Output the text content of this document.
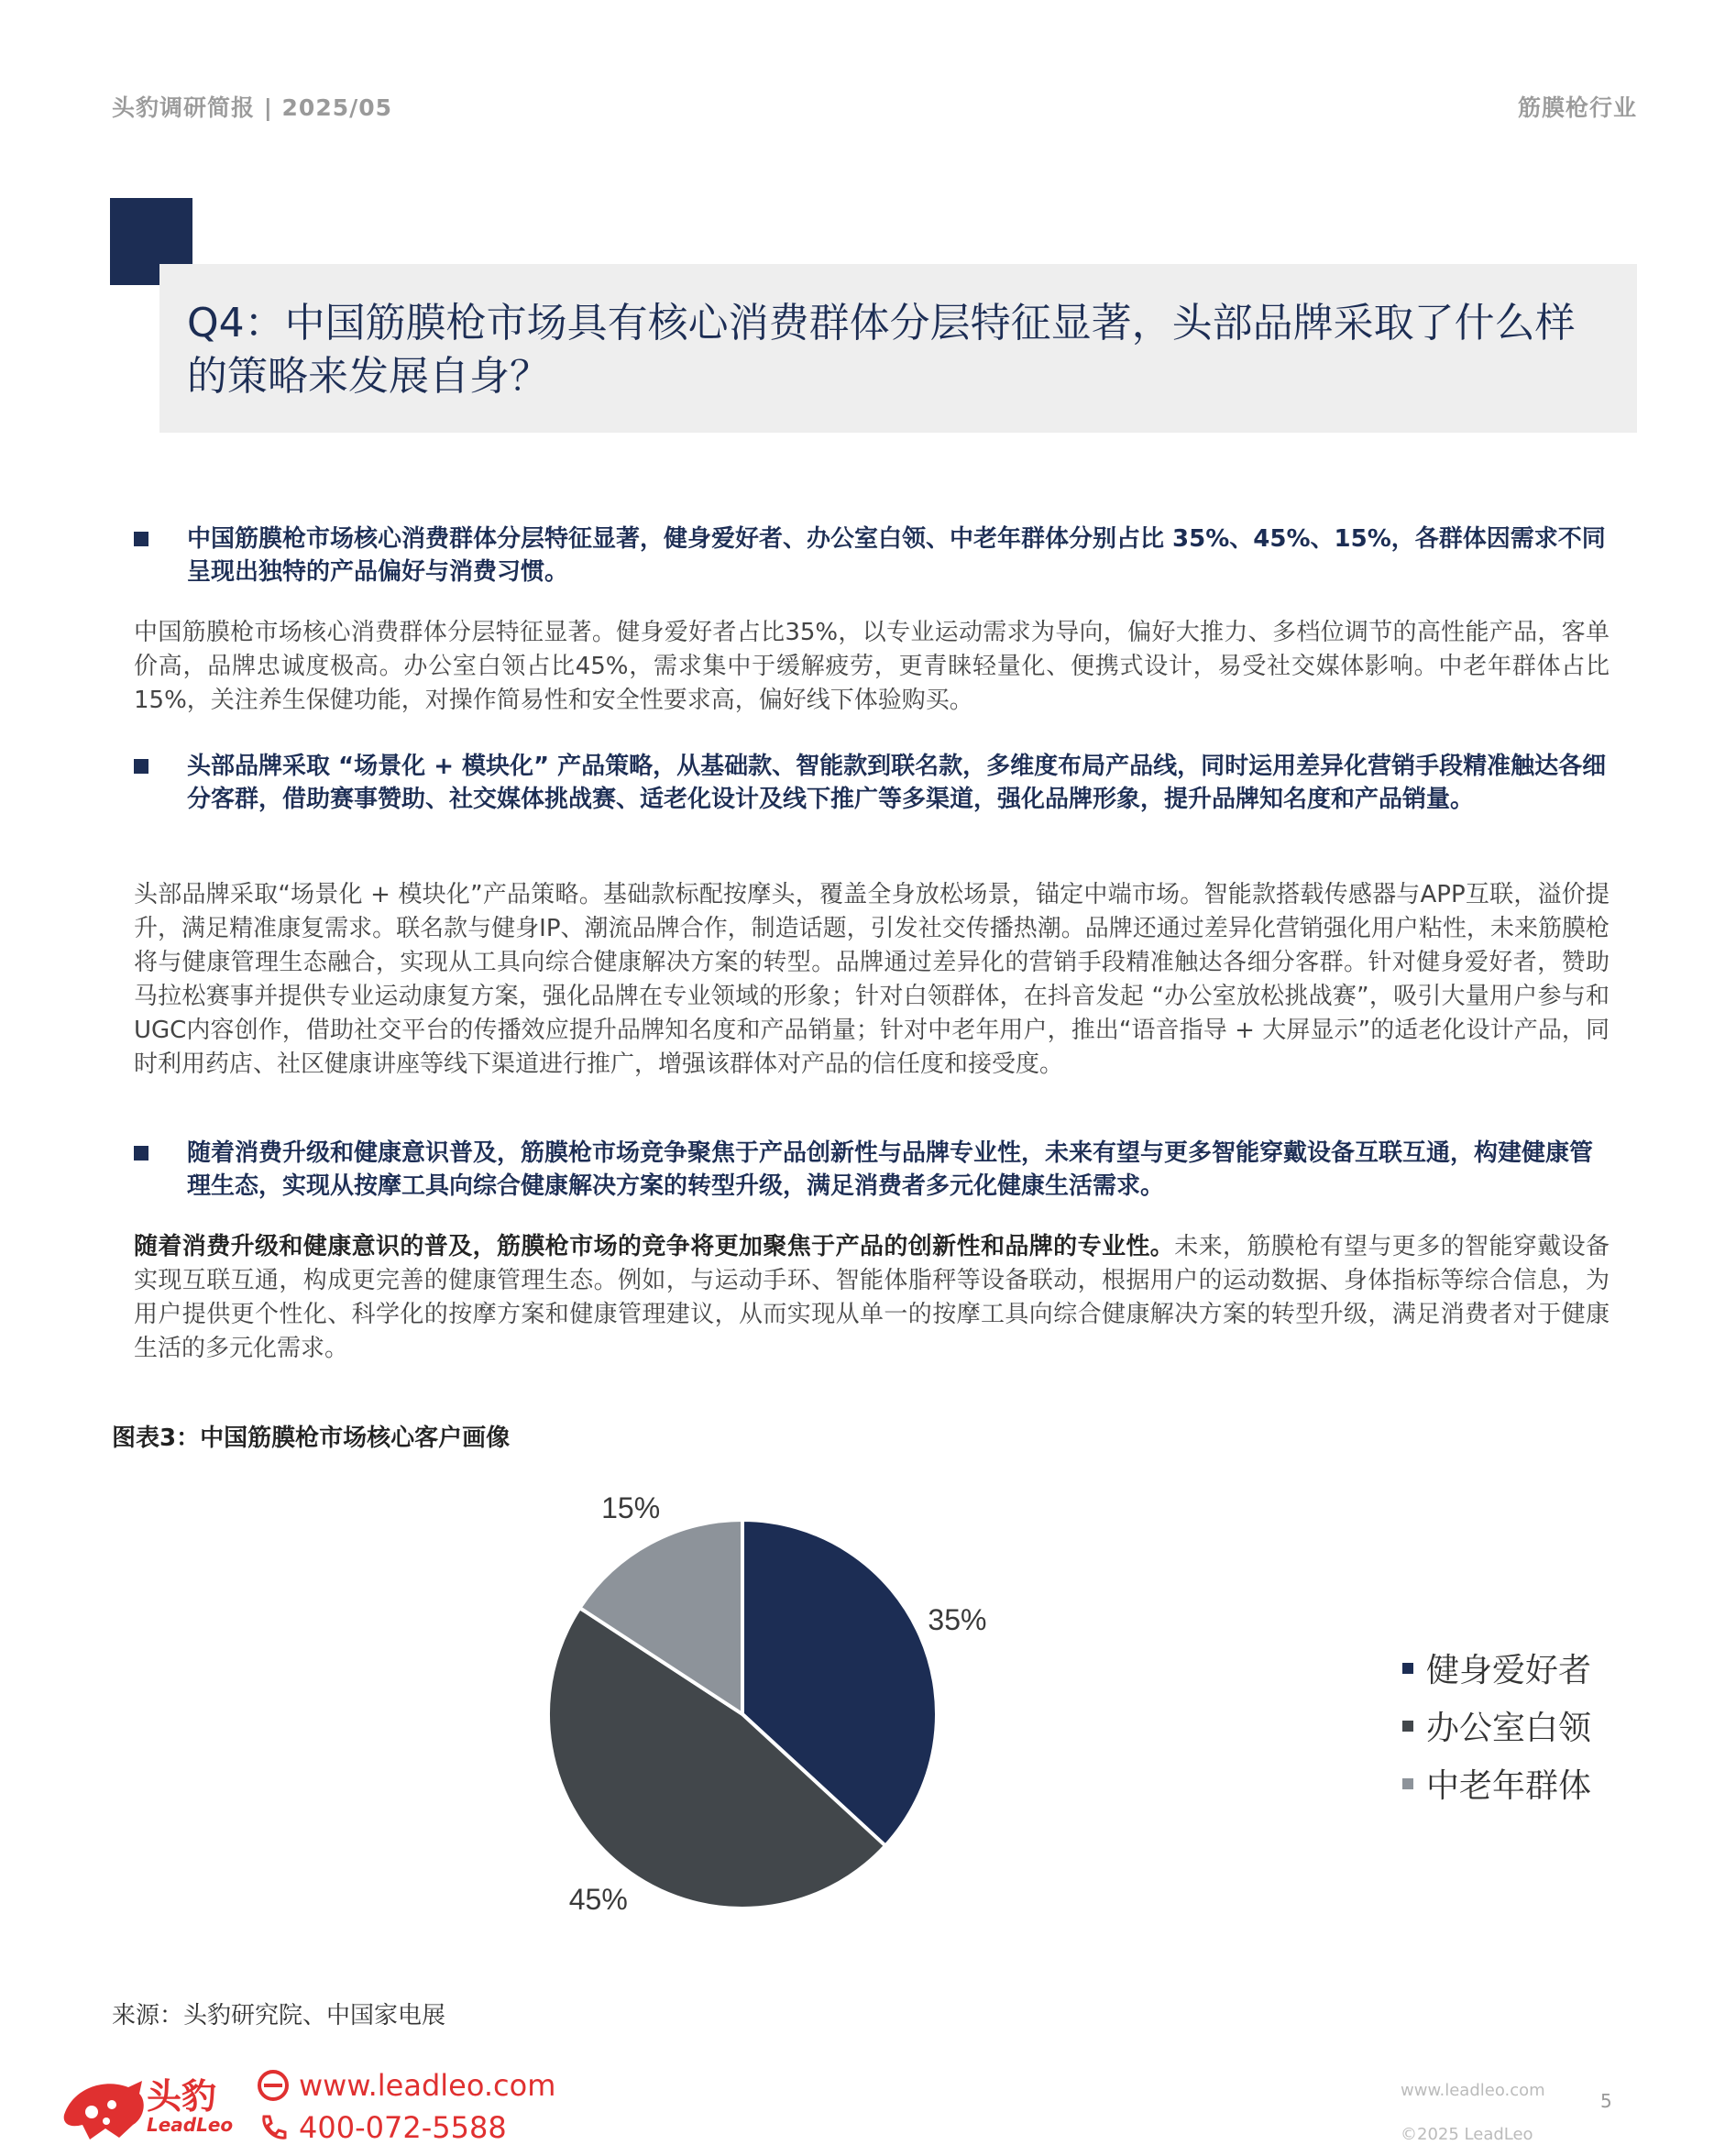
头豹调研简报 | 2025/05	筋膜枪行业
Q4：中国筋膜枪市场具有核心消费群体分层特征显著，头部品牌采取了什么样的策略来发展自身？
中国筋膜枪市场核心消费群体分层特征显著，健身爱好者、办公室白领、中老年群体分别占比 35%、45%、15%，各群体因需求不同呈现出独特的产品偏好与消费习惯。

中国筋膜枪市场核心消费群体分层特征显著。健身爱好者占比35%，以专业运动需求为导向，偏好大推力、多档位调节的高性能产品，客单价高，品牌忠诚度极高。办公室白领占比45%，需求集中于缓解疲劳，更青睐轻量化、便携式设计，易受社交媒体影响。中老年群体占比15%，关注养生保健功能，对操作简易性和安全性要求高，偏好线下体验购买。

头部品牌采取 “场景化 + 模块化” 产品策略，从基础款、智能款到联名款，多维度布局产品线，同时运用差异化营销手段精准触达各细分客群，借助赛事赞助、社交媒体挑战赛、适老化设计及线下推广等多渠道，强化品牌形象，提升品牌知名度和产品销量。

头部品牌采取“场景化 + 模块化”产品策略。基础款标配按摩头，覆盖全身放松场景，锚定中端市场。智能款搭载传感器与APP互联，溢价提升，满足精准康复需求。联名款与健身IP、潮流品牌合作，制造话题，引发社交传播热潮。品牌还通过差异化营销强化用户粘性，未来筋膜枪将与健康管理生态融合，实现从工具向综合健康解决方案的转型。品牌通过差异化的营销手段精准触达各细分客群。针对健身爱好者，赞助马拉松赛事并提供专业运动康复方案，强化品牌在专业领域的形象；针对白领群体，在抖音发起 “办公室放松挑战赛”，吸引大量用户参与和UGC内容创作，借助社交平台的传播效应提升品牌知名度和产品销量；针对中老年用户，推出“语音指导 + 大屏显示”的适老化设计产品，同时利用药店、社区健康讲座等线下渠道进行推广，增强该群体对产品的信任度和接受度。

随着消费升级和健康意识普及，筋膜枪市场竞争聚焦于产品创新性与品牌专业性，未来有望与更多智能穿戴设备互联互通，构建健康管理生态，实现从按摩工具向综合健康解决方案的转型升级，满足消费者多元化健康生活需求。

随着消费升级和健康意识的普及，筋膜枪市场的竞争将更加聚焦于产品的创新性和品牌的专业性。未来，筋膜枪有望与更多的智能穿戴设备实现互联互通，构成更完善的健康管理生态。例如，与运动手环、智能体脂秤等设备联动，根据用户的运动数据、身体指标等综合信息，为用户提供更个性化、科学化的按摩方案和健康管理建议，从而实现从单一的按摩工具向综合健康解决方案的转型升级，满足消费者对于健康生活的多元化需求。

图表3：中国筋膜枪市场核心客户画像
35%
45%
15%
健身爱好者
办公室白领
中老年群体
来源：头豹研究院、中国家电展
头豹
LeadLeo
www.leadleo.com
400-072-5588
www.leadleo.com
©2025 LeadLeo
5
